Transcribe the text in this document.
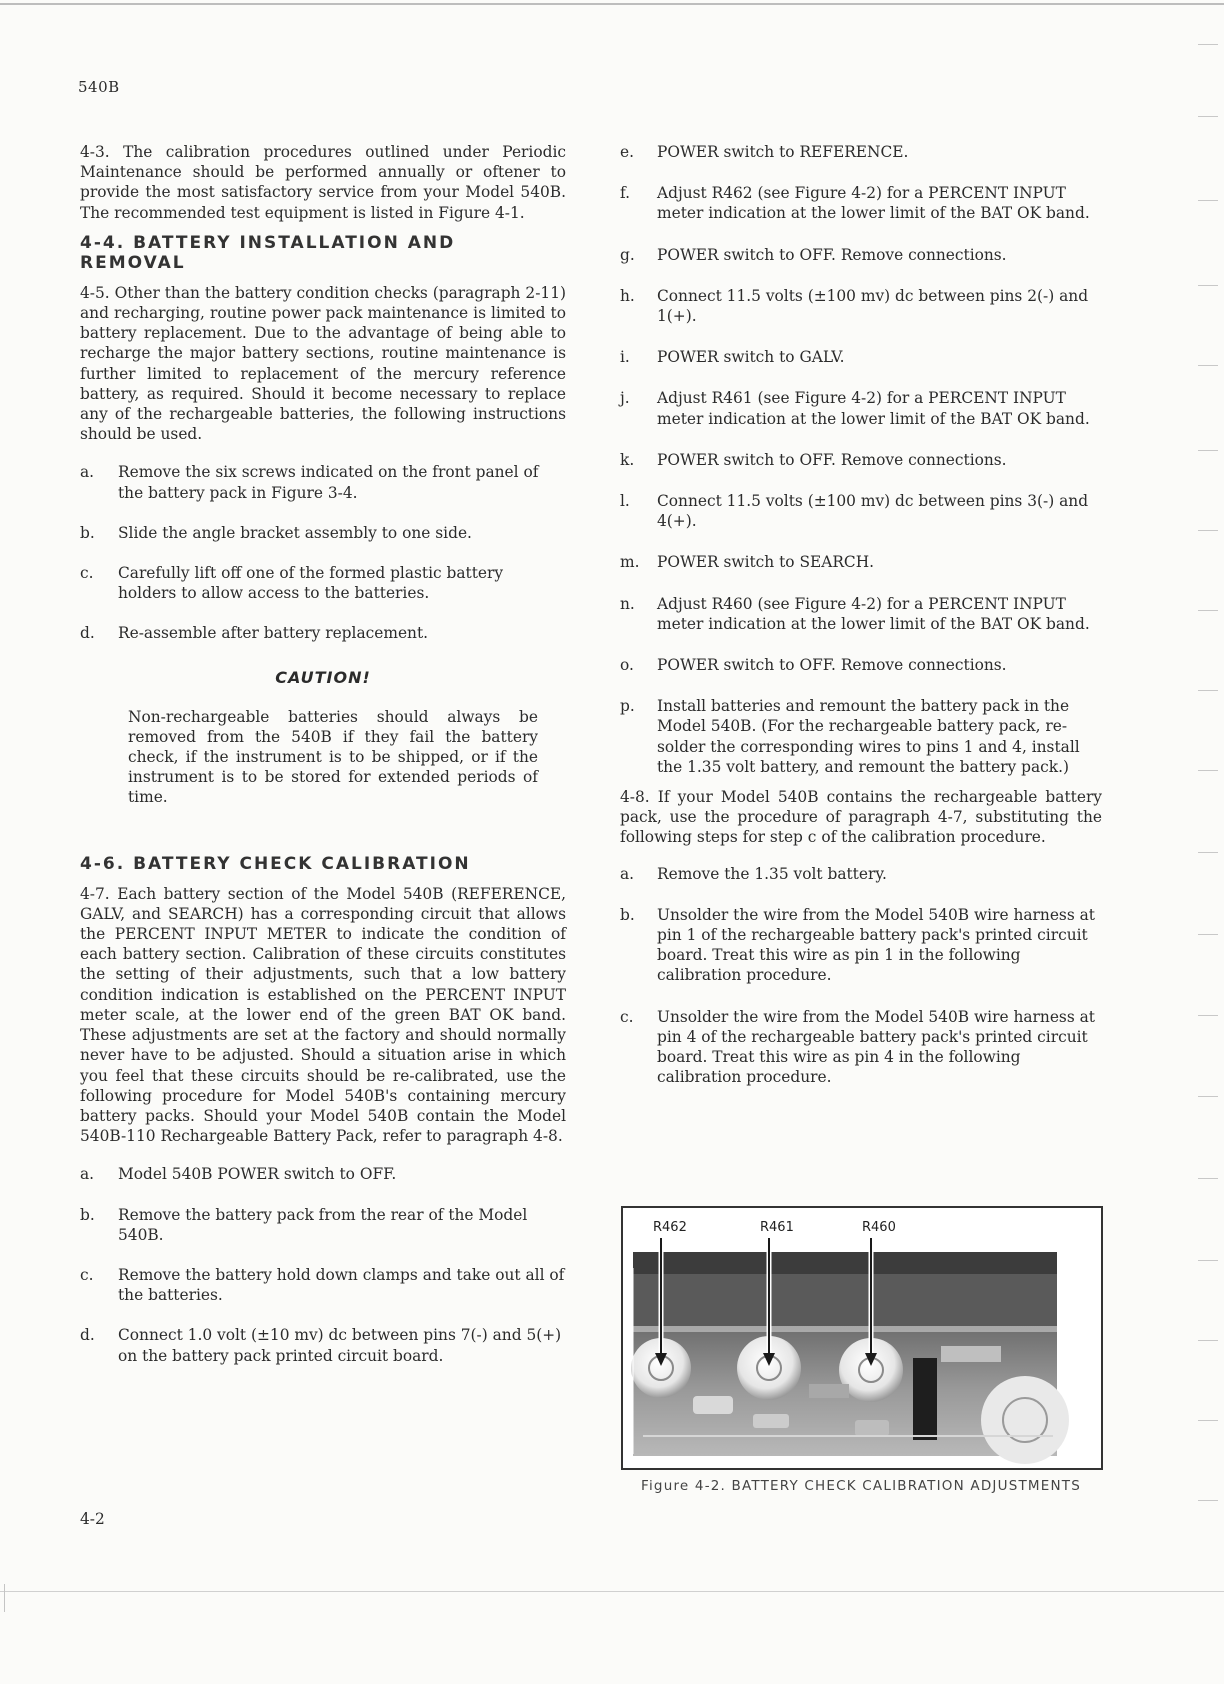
540B

4-3. The calibration procedures outlined under Periodic Maintenance should be performed annually or oftener to provide the most satisfactory service from your Model 540B. The recommended test equipment is listed in Figure 4-1.

4-4. BATTERY INSTALLATION AND REMOVAL

4-5. Other than the battery condition checks (paragraph 2-11) and recharging, routine power pack maintenance is limited to battery replacement. Due to the advantage of being able to recharge the major battery sections, routine maintenance is further limited to replacement of the mercury reference battery, as required. Should it become necessary to replace any of the rechargeable batteries, the following instructions should be used.

a. Remove the six screws indicated on the front panel of the battery pack in Figure 3-4.
b. Slide the angle bracket assembly to one side.
c. Carefully lift off one of the formed plastic battery holders to allow access to the batteries.
d. Re-assemble after battery replacement.
CAUTION!

Non-rechargeable batteries should always be removed from the 540B if they fail the battery check, if the instrument is to be shipped, or if the instrument is to be stored for extended periods of time.

4-6. BATTERY CHECK CALIBRATION

4-7. Each battery section of the Model 540B (REFERENCE, GALV, and SEARCH) has a corresponding circuit that allows the PERCENT INPUT METER to indicate the condition of each battery section. Calibration of these circuits constitutes the setting of their adjustments, such that a low battery condition indication is established on the PERCENT INPUT meter scale, at the lower end of the green BAT OK band. These adjustments are set at the factory and should normally never have to be adjusted. Should a situation arise in which you feel that these circuits should be re-calibrated, use the following procedure for Model 540B's containing mercury battery packs. Should your Model 540B contain the Model 540B-110 Rechargeable Battery Pack, refer to paragraph 4-8.

a. Model 540B POWER switch to OFF.
b. Remove the battery pack from the rear of the Model 540B.
c. Remove the battery hold down clamps and take out all of the batteries.
d. Connect 1.0 volt (±10 mv) dc between pins 7(-) and 5(+) on the battery pack printed circuit board.
4-2
e. POWER switch to REFERENCE.
f. Adjust R462 (see Figure 4-2) for a PERCENT INPUT meter indication at the lower limit of the BAT OK band.
g. POWER switch to OFF. Remove connections.
h. Connect 11.5 volts (±100 mv) dc between pins 2(-) and 1(+).
i. POWER switch to GALV.
j. Adjust R461 (see Figure 4-2) for a PERCENT INPUT meter indication at the lower limit of the BAT OK band.
k. POWER switch to OFF. Remove connections.
l. Connect 11.5 volts (±100 mv) dc between pins 3(-) and 4(+).
m. POWER switch to SEARCH.
n. Adjust R460 (see Figure 4-2) for a PERCENT INPUT meter indication at the lower limit of the BAT OK band.
o. POWER switch to OFF. Remove connections.
p. Install batteries and remount the battery pack in the Model 540B. (For the rechargeable battery pack, re-solder the corresponding wires to pins 1 and 4, install the 1.35 volt battery, and remount the battery pack.)

4-8. If your Model 540B contains the rechargeable battery pack, use the procedure of paragraph 4-7, substituting the following steps for step c of the calibration procedure.

a. Remove the 1.35 volt battery.
b. Unsolder the wire from the Model 540B wire harness at pin 1 of the rechargeable battery pack's printed circuit board. Treat this wire as pin 1 in the following calibration procedure.
c. Unsolder the wire from the Model 540B wire harness at pin 4 of the rechargeable battery pack's printed circuit board. Treat this wire as pin 4 in the following calibration procedure.
R462	R461	R460
Figure 4-2. BATTERY CHECK CALIBRATION ADJUSTMENTS
